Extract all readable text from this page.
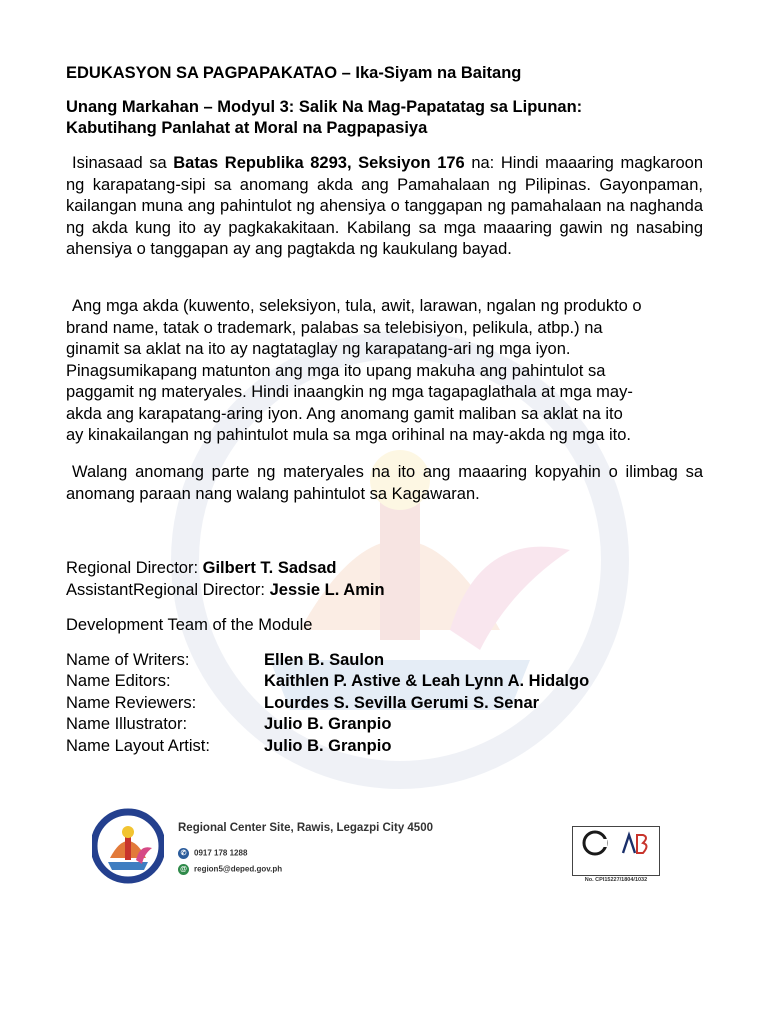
EDUKASYON SA PAGPAPAKATAO – Ika-Siyam na Baitang
Unang Markahan – Modyul 3: Salik Na Mag-Papatatag sa Lipunan:
Kabutihang Panlahat at Moral na Pagpapasiya
Isinasaad sa Batas Republika 8293, Seksiyon 176 na: Hindi maaaring magkaroon ng karapatang-sipi sa anomang akda ang Pamahalaan ng Pilipinas. Gayonpaman, kailangan muna ang pahintulot ng ahensiya o tanggapan ng pamahalaan na naghanda ng akda kung ito ay pagkakakitaan. Kabilang sa mga maaaring gawin ng nasabing ahensiya o tanggapan ay ang pagtakda ng kaukulang bayad.
Ang mga akda (kuwento, seleksiyon, tula, awit, larawan, ngalan ng produkto o
brand name, tatak o trademark, palabas sa telebisiyon, pelikula, atbp.) na
ginamit sa aklat na ito ay nagtataglay ng karapatang-ari ng mga iyon.
Pinagsumikapang matunton ang mga ito upang makuha ang pahintulot sa
paggamit ng materyales. Hindi inaangkin ng mga tagapaglathala at mga may-
akda ang karapatang-aring iyon. Ang anomang gamit maliban sa aklat na ito
ay kinakailangan ng pahintulot mula sa mga orihinal na may-akda ng mga ito.
Walang anomang parte ng materyales na ito ang maaaring kopyahin o ilimbag sa anomang paraan nang walang pahintulot sa Kagawaran.
Regional Director: Gilbert T. Sadsad
AssistantRegional Director: Jessie L. Amin
Development Team of the Module
Name of Writers:	Ellen B. Saulon
Name Editors:	Kaithlen P. Astive & Leah Lynn A. Hidalgo
Name Reviewers:	Lourdes S. Sevilla Gerumi S. Senar
Name Illustrator:	Julio B. Granpio
Name Layout Artist:	Julio B. Granpio
Regional Center Site, Rawis, Legazpi City 4500
✆ 0917 178 1288
@ region5@deped.gov.ph
No. CPI15227/1804/1032
